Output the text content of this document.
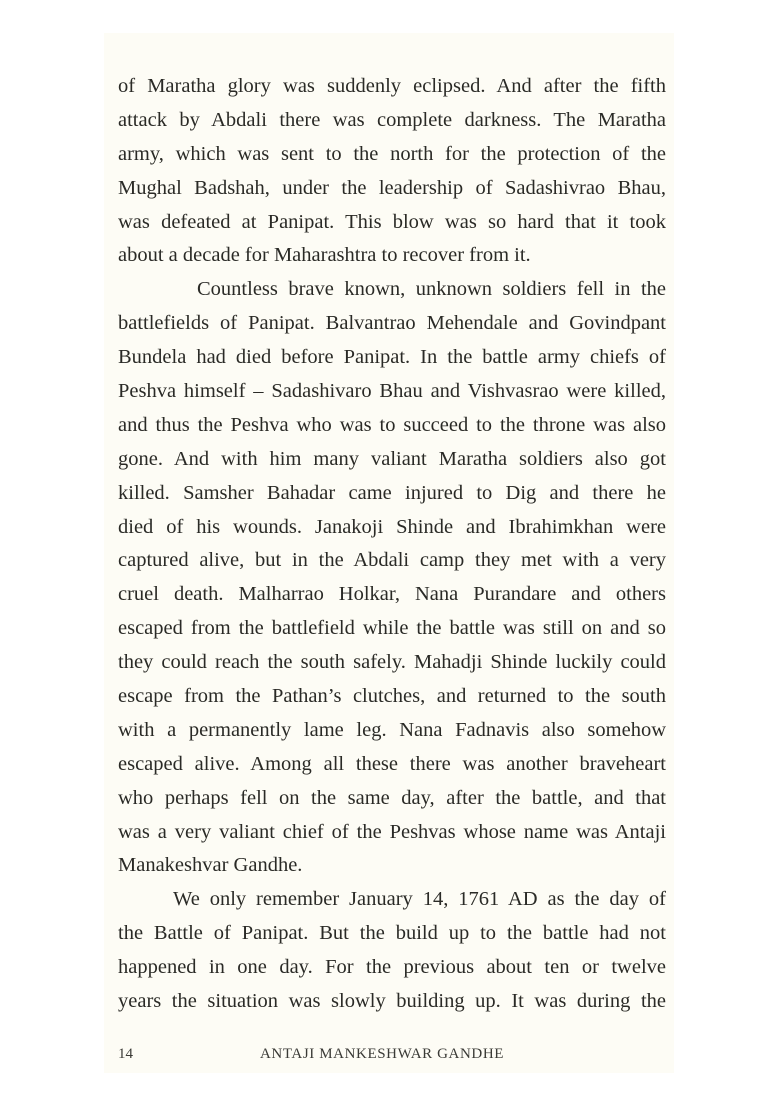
of Maratha glory was suddenly eclipsed. And after the fifth
attack by Abdali there was complete darkness. The Maratha
army, which was sent to the north for the protection of the
Mughal Badshah, under the leadership of Sadashivrao Bhau,
was defeated at Panipat. This blow was so hard that it took
about a decade for Maharashtra to recover from it.
Countless brave known, unknown soldiers fell in the
battlefields of Panipat. Balvantrao Mehendale and Govindpant
Bundela had died before Panipat. In the battle army chiefs of
Peshva himself – Sadashivaro Bhau and Vishvasrao were killed,
and thus the Peshva who was to succeed to the throne was also
gone. And with him many valiant Maratha soldiers also got
killed. Samsher Bahadar came injured to Dig and there he
died of his wounds. Janakoji Shinde and Ibrahimkhan were
captured alive, but in the Abdali camp they met with a very
cruel death. Malharrao Holkar, Nana Purandare and others
escaped from the battlefield while the battle was still on and so
they could reach the south safely. Mahadji Shinde luckily could
escape from the Pathan’s clutches, and returned to the south
with a permanently lame leg. Nana Fadnavis also somehow
escaped alive. Among all these there was another braveheart
who perhaps fell on the same day, after the battle, and that
was a very valiant chief of the Peshvas whose name was Antaji
Manakeshvar Gandhe.
We only remember January 14, 1761 AD as the day of
the Battle of Panipat. But the build up to the battle had not
happened in one day. For the previous about ten or twelve
years the situation was slowly building up. It was during the
14	ANTAJI MANKESHWAR GANDHE
